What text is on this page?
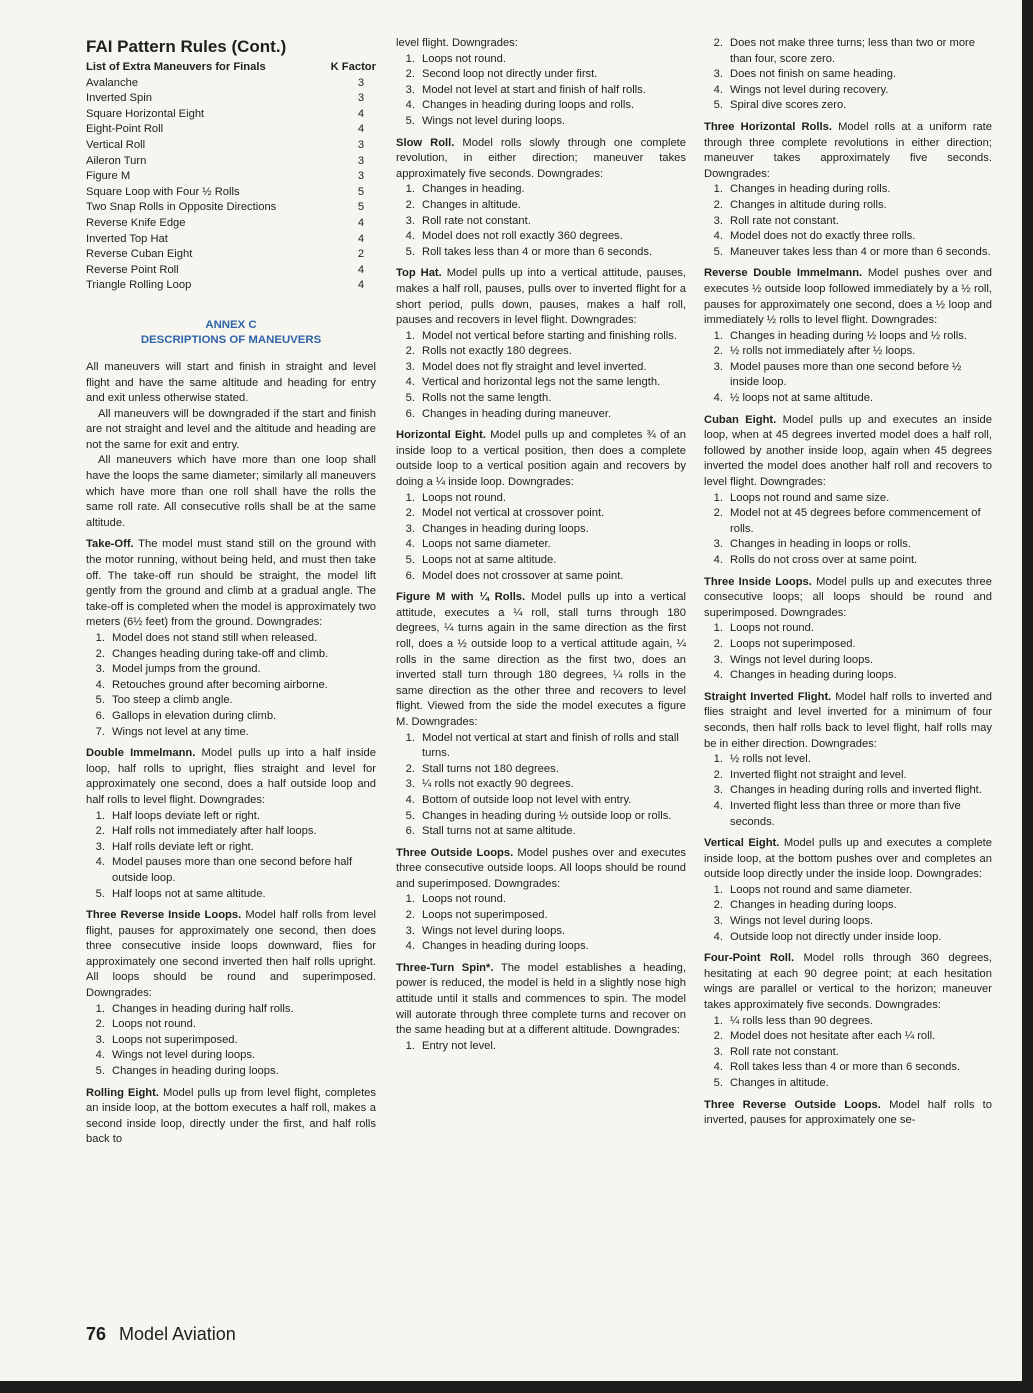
FAI Pattern Rules (Cont.)
List of Extra Maneuvers for Finals	K Factor
Avalanche	3
Inverted Spin	3
Square Horizontal Eight	4
Eight-Point Roll	4
Vertical Roll	3
Aileron Turn	3
Figure M	3
Square Loop with Four ½ Rolls	5
Two Snap Rolls in Opposite Directions	5
Reverse Knife Edge	4
Inverted Top Hat	4
Reverse Cuban Eight	2
Reverse Point Roll	4
Triangle Rolling Loop	4
ANNEX C
DESCRIPTIONS OF MANEUVERS

All maneuvers will start and finish in straight and level flight and have the same altitude and heading for entry and exit unless otherwise stated.

All maneuvers will be downgraded if the start and finish are not straight and level and the altitude and heading are not the same for exit and entry.

All maneuvers which have more than one loop shall have the loops the same diameter; similarly all maneuvers which have more than one roll shall have the rolls the same roll rate. All consecutive rolls shall be at the same altitude.

Take-Off. The model must stand still on the ground with the motor running, without being held, and must then take off. The take-off run should be straight, the model lift gently from the ground and climb at a gradual angle. The take-off is completed when the model is approximately two meters (6½ feet) from the ground. Downgrades:

1. Model does not stand still when released.
2. Changes heading during take-off and climb.
3. Model jumps from the ground.
4. Retouches ground after becoming airborne.
5. Too steep a climb angle.
6. Gallops in elevation during climb.
7. Wings not level at any time.

Double Immelmann. Model pulls up into a half inside loop, half rolls to upright, flies straight and level for approximately one second, does a half outside loop and half rolls to level flight. Downgrades:

1. Half loops deviate left or right.
2. Half rolls not immediately after half loops.
3. Half rolls deviate left or right.
4. Model pauses more than one second before half outside loop.
5. Half loops not at same altitude.

Three Reverse Inside Loops. Model half rolls from level flight, pauses for approximately one second, then does three consecutive inside loops downward, flies for approximately one second inverted then half rolls upright. All loops should be round and superimposed. Downgrades:

1. Changes in heading during half rolls.
2. Loops not round.
3. Loops not superimposed.
4. Wings not level during loops.
5. Changes in heading during loops.

Rolling Eight. Model pulls up from level flight, completes an inside loop, at the bottom executes a half roll, makes a second inside loop, directly under the first, and half rolls back to

level flight. Downgrades:

1. Loops not round.
2. Second loop not directly under first.
3. Model not level at start and finish of half rolls.
4. Changes in heading during loops and rolls.
5. Wings not level during loops.

Slow Roll. Model rolls slowly through one complete revolution, in either direction; maneuver takes approximately five seconds. Downgrades:

1. Changes in heading.
2. Changes in altitude.
3. Roll rate not constant.
4. Model does not roll exactly 360 degrees.
5. Roll takes less than 4 or more than 6 seconds.

Top Hat. Model pulls up into a vertical attitude, pauses, makes a half roll, pauses, pulls over to inverted flight for a short period, pulls down, pauses, makes a half roll, pauses and recovers in level flight. Downgrades:

1. Model not vertical before starting and finishing rolls.
2. Rolls not exactly 180 degrees.
3. Model does not fly straight and level inverted.
4. Vertical and horizontal legs not the same length.
5. Rolls not the same length.
6. Changes in heading during maneuver.

Horizontal Eight. Model pulls up and completes ¾ of an inside loop to a vertical position, then does a complete outside loop to a vertical position again and recovers by doing a ¼ inside loop. Downgrades:

1. Loops not round.
2. Model not vertical at crossover point.
3. Changes in heading during loops.
4. Loops not same diameter.
5. Loops not at same altitude.
6. Model does not crossover at same point.

Figure M with ¼ Rolls. Model pulls up into a vertical attitude, executes a ¼ roll, stall turns through 180 degrees, ¼ turns again in the same direction as the first roll, does a ½ outside loop to a vertical attitude again, ¼ rolls in the same direction as the first two, does an inverted stall turn through 180 degrees, ¼ rolls in the same direction as the other three and recovers to level flight. Viewed from the side the model executes a figure M. Downgrades:

1. Model not vertical at start and finish of rolls and stall turns.
2. Stall turns not 180 degrees.
3. ¼ rolls not exactly 90 degrees.
4. Bottom of outside loop not level with entry.
5. Changes in heading during ½ outside loop or rolls.
6. Stall turns not at same altitude.

Three Outside Loops. Model pushes over and executes three consecutive outside loops. All loops should be round and superimposed. Downgrades:

1. Loops not round.
2. Loops not superimposed.
3. Wings not level during loops.
4. Changes in heading during loops.

Three-Turn Spin*. The model establishes a heading, power is reduced, the model is held in a slightly nose high attitude until it stalls and commences to spin. The model will autorate through three complete turns and recover on the same heading but at a different altitude. Downgrades:

1. Entry not level.
2. Does not make three turns; less than two or more than four, score zero.
3. Does not finish on same heading.
4. Wings not level during recovery.
5. Spiral dive scores zero.

Three Horizontal Rolls. Model rolls at a uniform rate through three complete revolutions in either direction; maneuver takes approximately five seconds. Downgrades:

1. Changes in heading during rolls.
2. Changes in altitude during rolls.
3. Roll rate not constant.
4. Model does not do exactly three rolls.
5. Maneuver takes less than 4 or more than 6 seconds.

Reverse Double Immelmann. Model pushes over and executes ½ outside loop followed immediately by a ½ roll, pauses for approximately one second, does a ½ loop and immediately ½ rolls to level flight. Downgrades:

1. Changes in heading during ½ loops and ½ rolls.
2. ½ rolls not immediately after ½ loops.
3. Model pauses more than one second before ½ inside loop.
4. ½ loops not at same altitude.

Cuban Eight. Model pulls up and executes an inside loop, when at 45 degrees inverted model does a half roll, followed by another inside loop, again when 45 degrees inverted the model does another half roll and recovers to level flight. Downgrades:

1. Loops not round and same size.
2. Model not at 45 degrees before commencement of rolls.
3. Changes in heading in loops or rolls.
4. Rolls do not cross over at same point.

Three Inside Loops. Model pulls up and executes three consecutive loops; all loops should be round and superimposed. Downgrades:

1. Loops not round.
2. Loops not superimposed.
3. Wings not level during loops.
4. Changes in heading during loops.

Straight Inverted Flight. Model half rolls to inverted and flies straight and level inverted for a minimum of four seconds, then half rolls back to level flight, half rolls may be in either direction. Downgrades:

1. ½ rolls not level.
2. Inverted flight not straight and level.
3. Changes in heading during rolls and inverted flight.
4. Inverted flight less than three or more than five seconds.

Vertical Eight. Model pulls up and executes a complete inside loop, at the bottom pushes over and completes an outside loop directly under the inside loop. Downgrades:

1. Loops not round and same diameter.
2. Changes in heading during loops.
3. Wings not level during loops.
4. Outside loop not directly under inside loop.

Four-Point Roll. Model rolls through 360 degrees, hesitating at each 90 degree point; at each hesitation wings are parallel or vertical to the horizon; maneuver takes approximately five seconds. Downgrades:

1. ¼ rolls less than 90 degrees.
2. Model does not hesitate after each ¼ roll.
3. Roll rate not constant.
4. Roll takes less than 4 or more than 6 seconds.
5. Changes in altitude.

Three Reverse Outside Loops. Model half rolls to inverted, pauses for approximately one se-

76 Model Aviation
